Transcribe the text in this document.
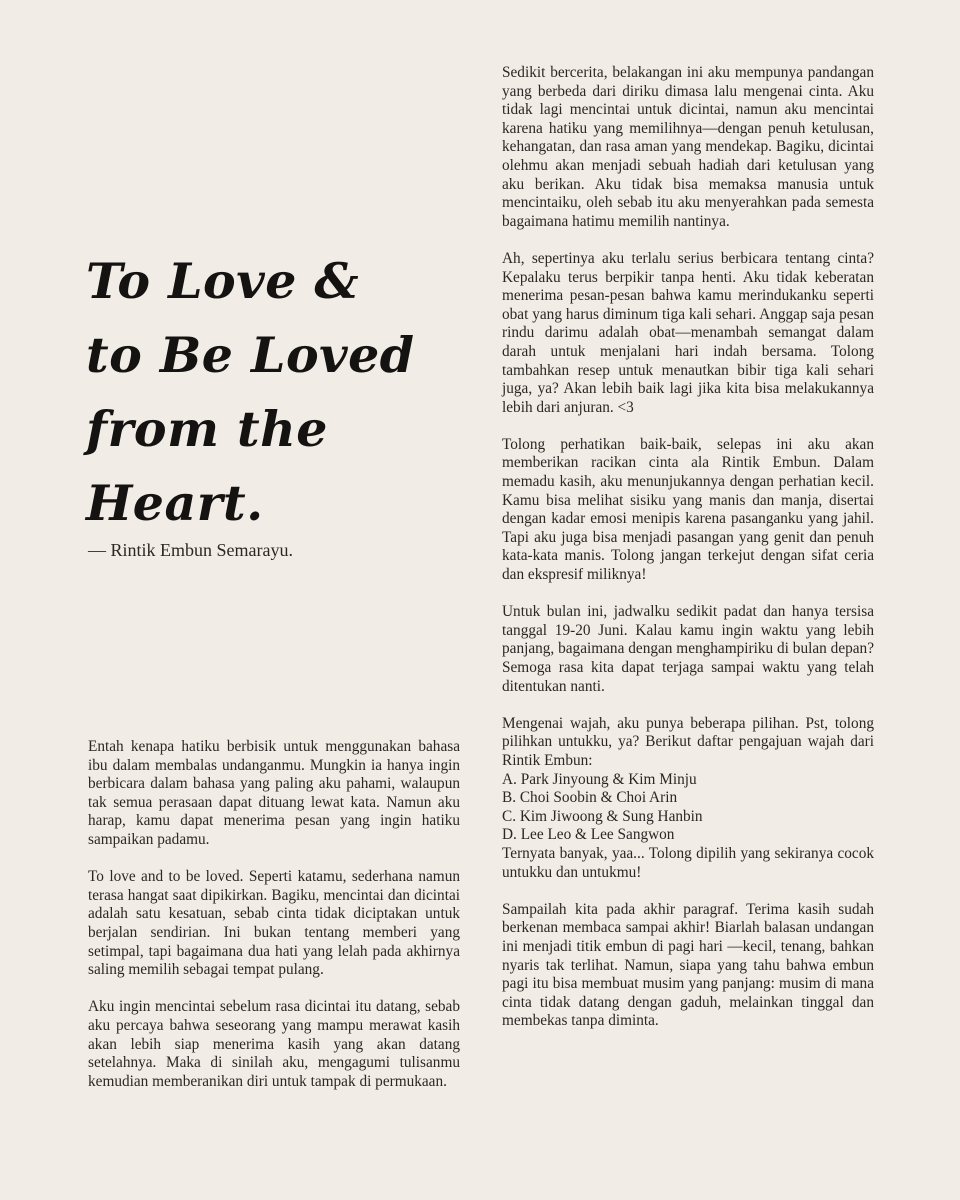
To Love &
to Be Loved
from the
Heart.

— Rintik Embun Semarayu.

Entah kenapa hatiku berbisik untuk menggunakan bahasa ibu dalam membalas undanganmu. Mungkin ia hanya ingin berbicara dalam bahasa yang paling aku pahami, walaupun tak semua perasaan dapat dituang lewat kata. Namun aku harap, kamu dapat menerima pesan yang ingin hatiku sampaikan padamu.

To love and to be loved. Seperti katamu, sederhana namun terasa hangat saat dipikirkan. Bagiku, mencintai dan dicintai adalah satu kesatuan, sebab cinta tidak diciptakan untuk berjalan sendirian. Ini bukan tentang memberi yang setimpal, tapi bagaimana dua hati yang lelah pada akhirnya saling memilih sebagai tempat pulang.

Aku ingin mencintai sebelum rasa dicintai itu datang, sebab aku percaya bahwa seseorang yang mampu merawat kasih akan lebih siap menerima kasih yang akan datang setelahnya. Maka di sinilah aku, mengagumi tulisanmu kemudian memberanikan diri untuk tampak di permukaan.

Sedikit bercerita, belakangan ini aku mempunya pandangan yang berbeda dari diriku dimasa lalu mengenai cinta. Aku tidak lagi mencintai untuk dicintai, namun aku mencintai karena hatiku yang memilihnya—dengan penuh ketulusan, kehangatan, dan rasa aman yang mendekap. Bagiku, dicintai olehmu akan menjadi sebuah hadiah dari ketulusan yang aku berikan. Aku tidak bisa memaksa manusia untuk mencintaiku, oleh sebab itu aku menyerahkan pada semesta bagaimana hatimu memilih nantinya.

Ah, sepertinya aku terlalu serius berbicara tentang cinta? Kepalaku terus berpikir tanpa henti. Aku tidak keberatan menerima pesan-pesan bahwa kamu merindukanku seperti obat yang harus diminum tiga kali sehari. Anggap saja pesan rindu darimu adalah obat—menambah semangat dalam darah untuk menjalani hari indah bersama. Tolong tambahkan resep untuk menautkan bibir tiga kali sehari juga, ya? Akan lebih baik lagi jika kita bisa melakukannya lebih dari anjuran. <3

Tolong perhatikan baik-baik, selepas ini aku akan memberikan racikan cinta ala Rintik Embun. Dalam memadu kasih, aku menunjukannya dengan perhatian kecil. Kamu bisa melihat sisiku yang manis dan manja, disertai dengan kadar emosi menipis karena pasanganku yang jahil. Tapi aku juga bisa menjadi pasangan yang genit dan penuh kata-kata manis. Tolong jangan terkejut dengan sifat ceria dan ekspresif miliknya!

Untuk bulan ini, jadwalku sedikit padat dan hanya tersisa tanggal 19-20 Juni. Kalau kamu ingin waktu yang lebih panjang, bagaimana dengan menghampiriku di bulan depan? Semoga rasa kita dapat terjaga sampai waktu yang telah ditentukan nanti.

Mengenai wajah, aku punya beberapa pilihan. Pst, tolong pilihkan untukku, ya? Berikut daftar pengajuan wajah dari Rintik Embun:
A. Park Jinyoung & Kim Minju
B. Choi Soobin & Choi Arin
C. Kim Jiwoong & Sung Hanbin
D. Lee Leo & Lee Sangwon
Ternyata banyak, yaa... Tolong dipilih yang sekiranya cocok untukku dan untukmu!

Sampailah kita pada akhir paragraf. Terima kasih sudah berkenan membaca sampai akhir! Biarlah balasan undangan ini menjadi titik embun di pagi hari —kecil, tenang, bahkan nyaris tak terlihat. Namun, siapa yang tahu bahwa embun pagi itu bisa membuat musim yang panjang: musim di mana cinta tidak datang dengan gaduh, melainkan tinggal dan membekas tanpa diminta.
